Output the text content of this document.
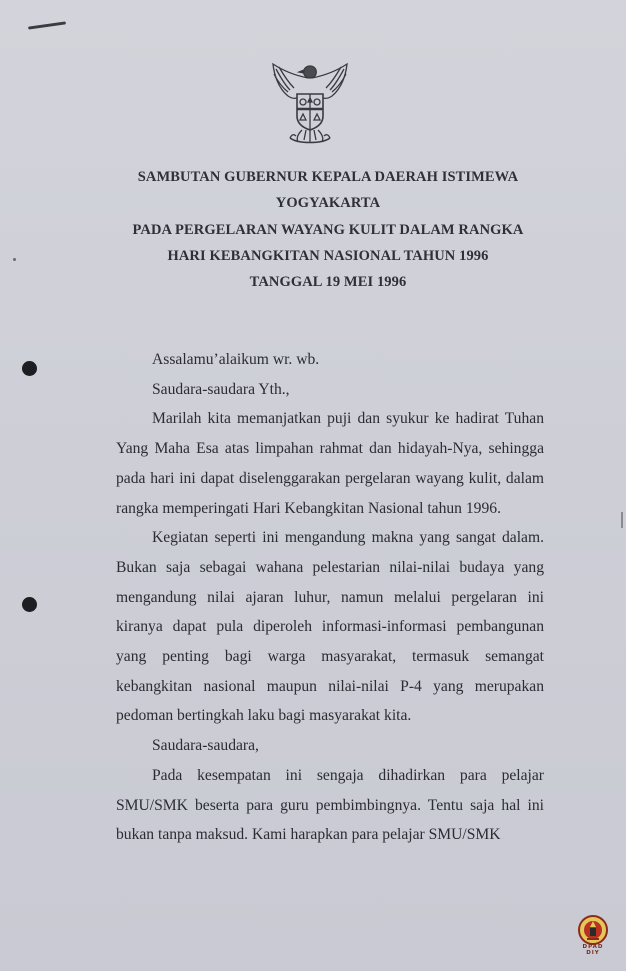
SAMBUTAN GUBERNUR KEPALA DAERAH ISTIMEWA
YOGYAKARTA
PADA PERGELARAN WAYANG KULIT DALAM RANGKA
HARI KEBANGKITAN NASIONAL TAHUN 1996
TANGGAL 19 MEI 1996

Assalamu’alaikum wr. wb.

Saudara-saudara Yth.,

Marilah kita memanjatkan puji dan syukur ke hadirat Tuhan Yang Maha Esa atas limpahan rahmat dan hidayah-Nya, sehingga pada hari ini dapat diselenggarakan pergelaran wayang kulit, dalam rangka memperingati Hari Kebangkitan Nasional tahun 1996.

Kegiatan seperti ini mengandung makna yang sangat dalam. Bukan saja sebagai wahana pelestarian nilai-nilai budaya yang mengandung nilai ajaran luhur, namun melalui pergelaran ini kiranya dapat pula diperoleh informasi-informasi pembangunan yang penting bagi warga masyarakat, termasuk semangat kebangkitan nasional maupun nilai-nilai P-4 yang merupakan pedoman bertingkah laku bagi masyarakat kita.

Saudara-saudara,

Pada kesempatan ini sengaja dihadirkan para pelajar SMU/SMK beserta para guru pembimbingnya. Tentu saja hal ini bukan tanpa maksud. Kami harapkan para pelajar SMU/SMK

DPAD
DIY
